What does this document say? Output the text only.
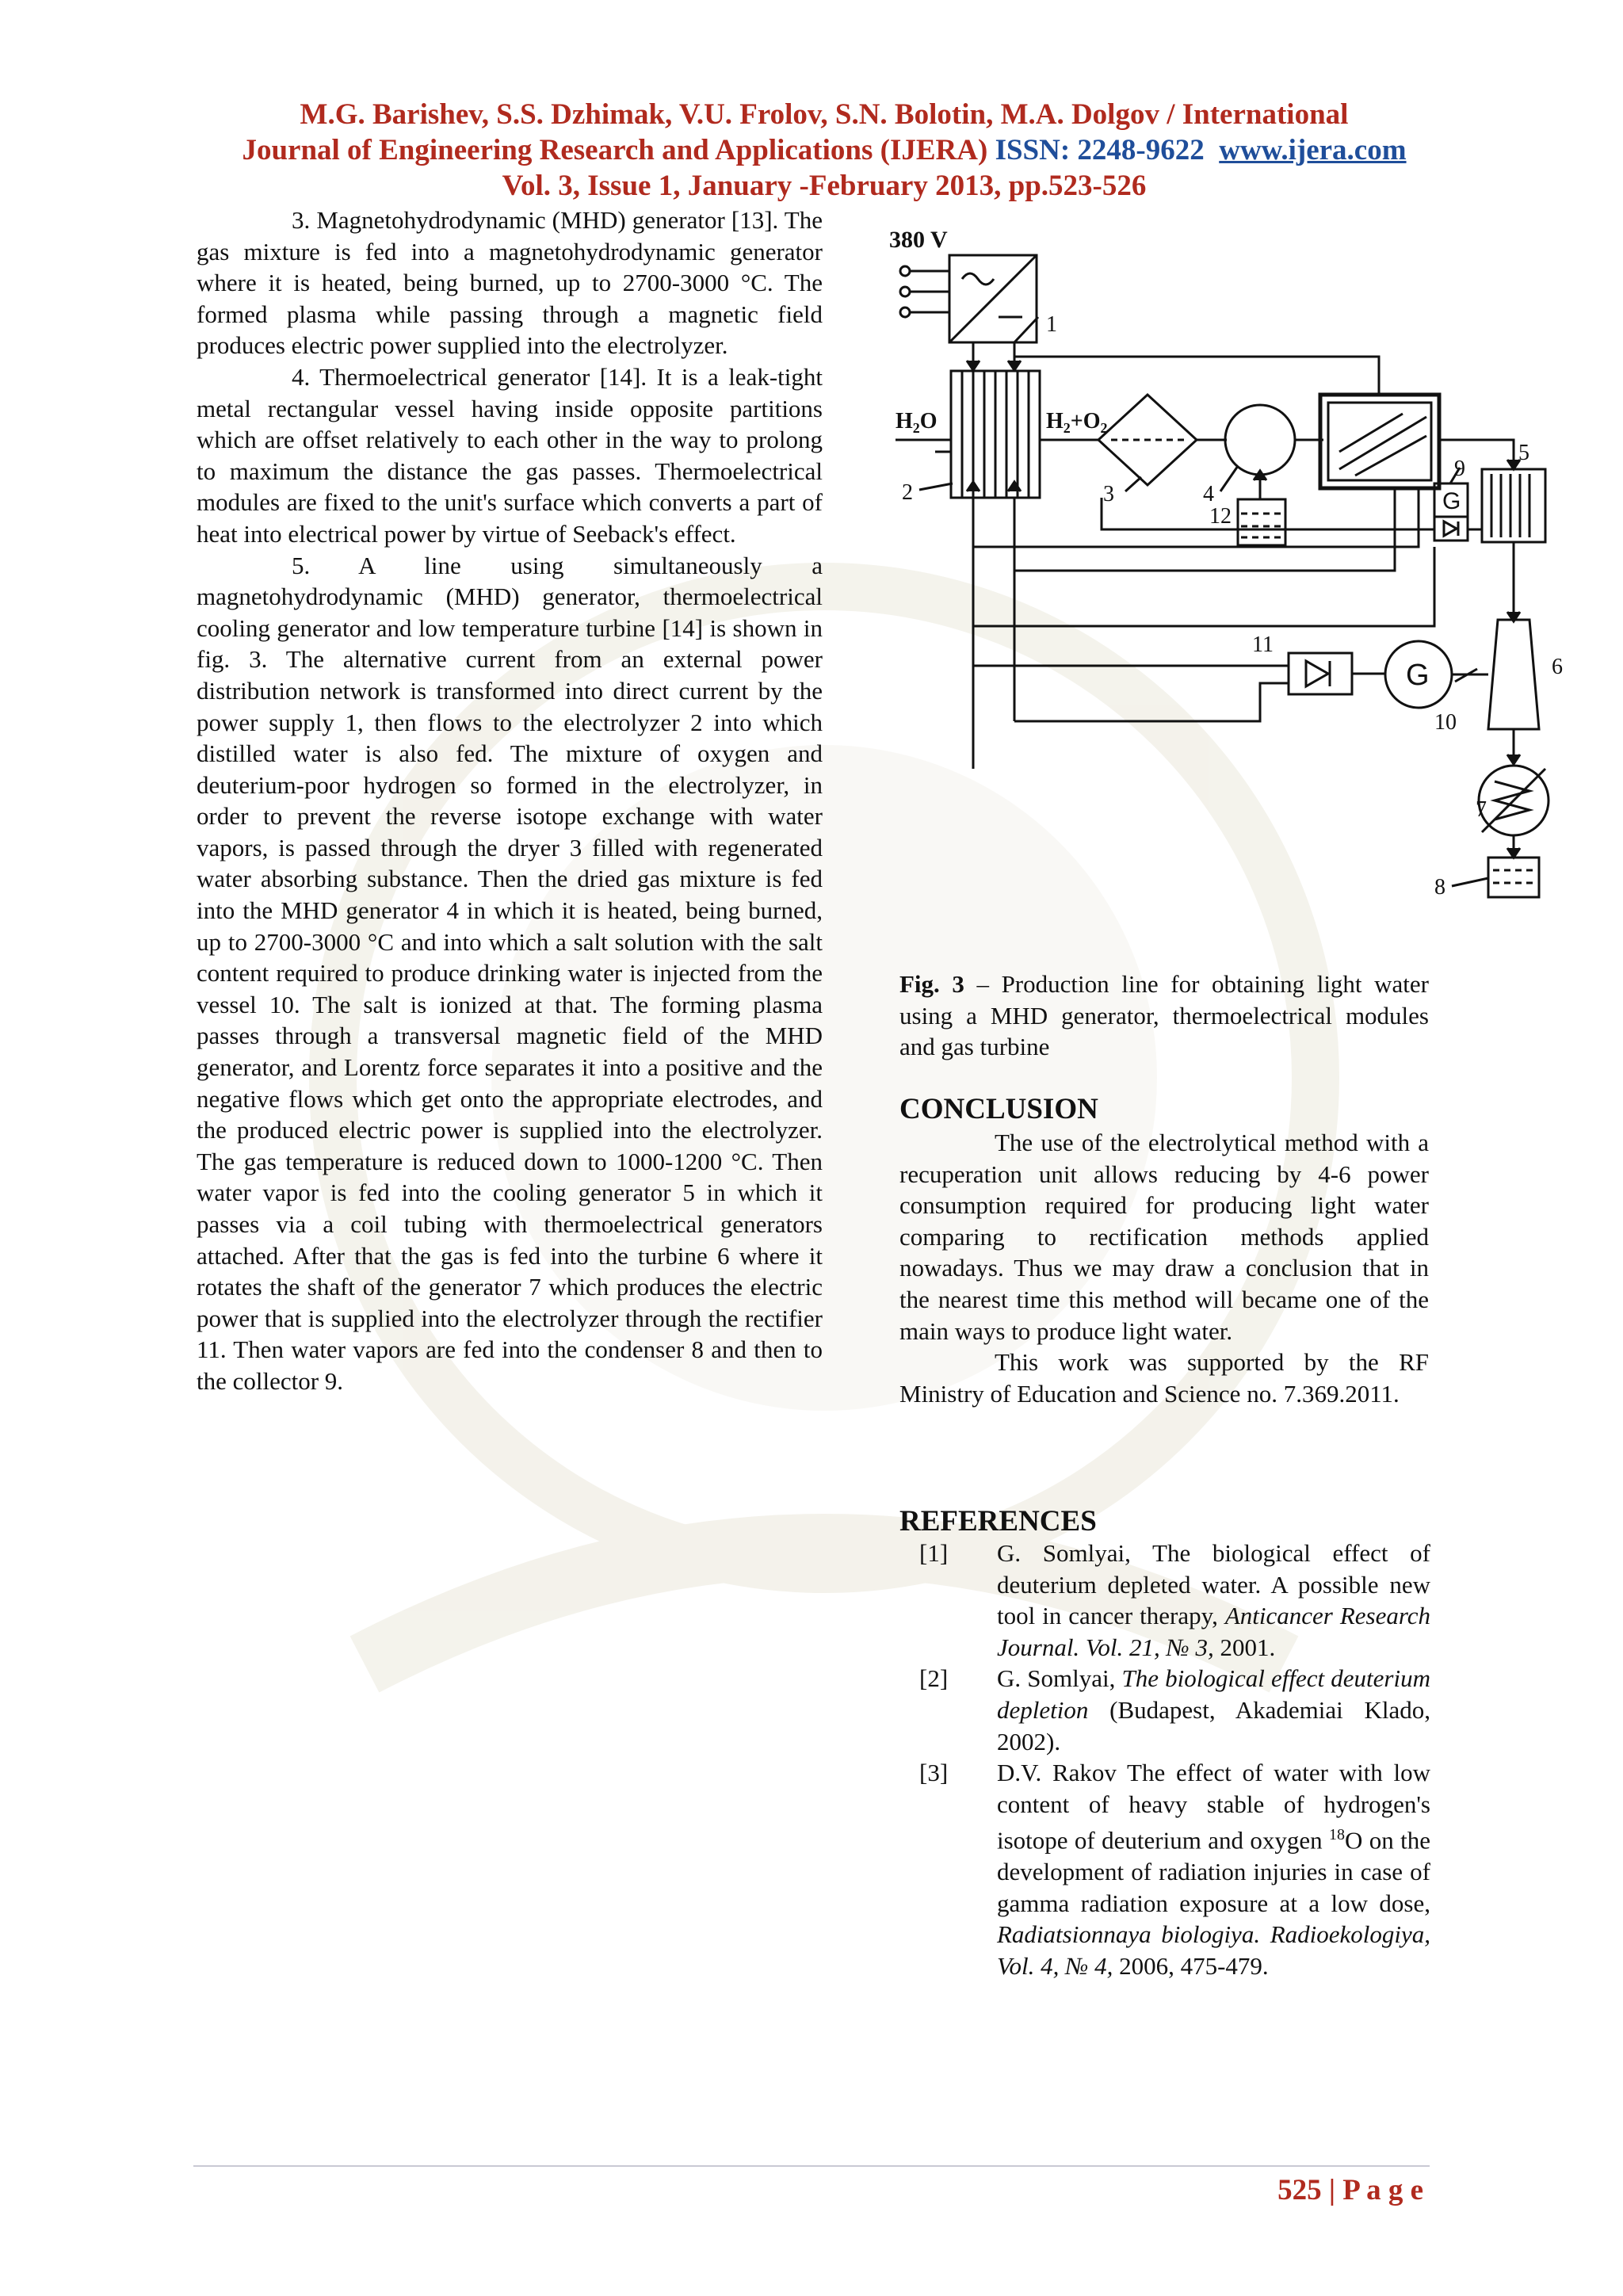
M.G. Barishev, S.S. Dzhimak, V.U. Frolov, S.N. Bolotin, M.A. Dolgov / International
Journal of Engineering Research and Applications (IJERA) ISSN: 2248-9622 www.ijera.com
Vol. 3, Issue 1, January -February 2013, pp.523-526

3. Magnetohydrodynamic (MHD) generator [13]. The gas mixture is fed into a magnetohydrodynamic generator where it is heated, being burned, up to 2700-3000 °C. The formed plasma while passing through a magnetic field produces electric power supplied into the electrolyzer.

4. Thermoelectrical generator [14]. It is a leak-tight metal rectangular vessel having inside opposite partitions which are offset relatively to each other in the way to prolong to maximum the distance the gas passes. Thermoelectrical modules are fixed to the unit's surface which converts a part of heat into electrical power by virtue of Seeback's effect.

5. A line using simultaneously a magnetohydrodynamic (MHD) generator, thermoelectrical cooling generator and low temperature turbine [14] is shown in fig. 3. The alternative current from an external power distribution network is transformed into direct current by the power supply 1, then flows to the electrolyzer 2 into which distilled water is also fed. The mixture of oxygen and deuterium-poor hydrogen so formed in the electrolyzer, in order to prevent the reverse isotope exchange with water vapors, is passed through the dryer 3 filled with regenerated water absorbing substance. Then the dried gas mixture is fed into the MHD generator 4 in which it is heated, being burned, up to 2700-3000 °C and into which a salt solution with the salt content required to produce drinking water is injected from the vessel 10. The salt is ionized at that. The forming plasma passes through a transversal magnetic field of the MHD generator, and Lorentz force separates it into a positive and the negative flows which get onto the appropriate electrodes, and the produced electric power is supplied into the electrolyzer. The gas temperature is reduced down to 1000-1200 °C. Then water vapor is fed into the cooling generator 5 in which it passes via a coil tubing with thermoelectrical generators attached. After that the gas is fed into the turbine 6 where it rotates the shaft of the generator 7 which produces the electric power that is supplied into the electrolyzer through the rectifier 11. Then water vapors are fed into the condenser 8 and then to the collector 9.

380 V
1
$H_2O$
2
$H_2+O_2$
3	4
12
5
G
9
6
G
10
11
7
8
Fig. 3 – Production line for obtaining light water using a MHD generator, thermoelectrical modules and gas turbine
CONCLUSION

The use of the electrolytical method with a recuperation unit allows reducing by 4-6 power consumption required for producing light water comparing to rectification methods applied nowadays. Thus we may draw a conclusion that in the nearest time this method will became one of the main ways to produce light water.

This work was supported by the RF Ministry of Education and Science no. 7.369.2011.

REFERENCES
[1]	G. Somlyai, The biological effect of deuterium depleted water. A possible new tool in cancer therapy, Anticancer Research Journal. Vol. 21, № 3, 2001.
[2]	G. Somlyai, The biological effect deuterium depletion (Budapest, Akademiai Klado, 2002).
[3]	D.V. Rakov The effect of water with low content of heavy stable of hydrogen's isotope of deuterium and oxygen $^{18}$O on the development of radiation injuries in case of gamma radiation exposure at a low dose, Radiatsionnaya biologiya. Radioekologiya, Vol. 4, № 4, 2006, 475-479.
525 | P a g e
